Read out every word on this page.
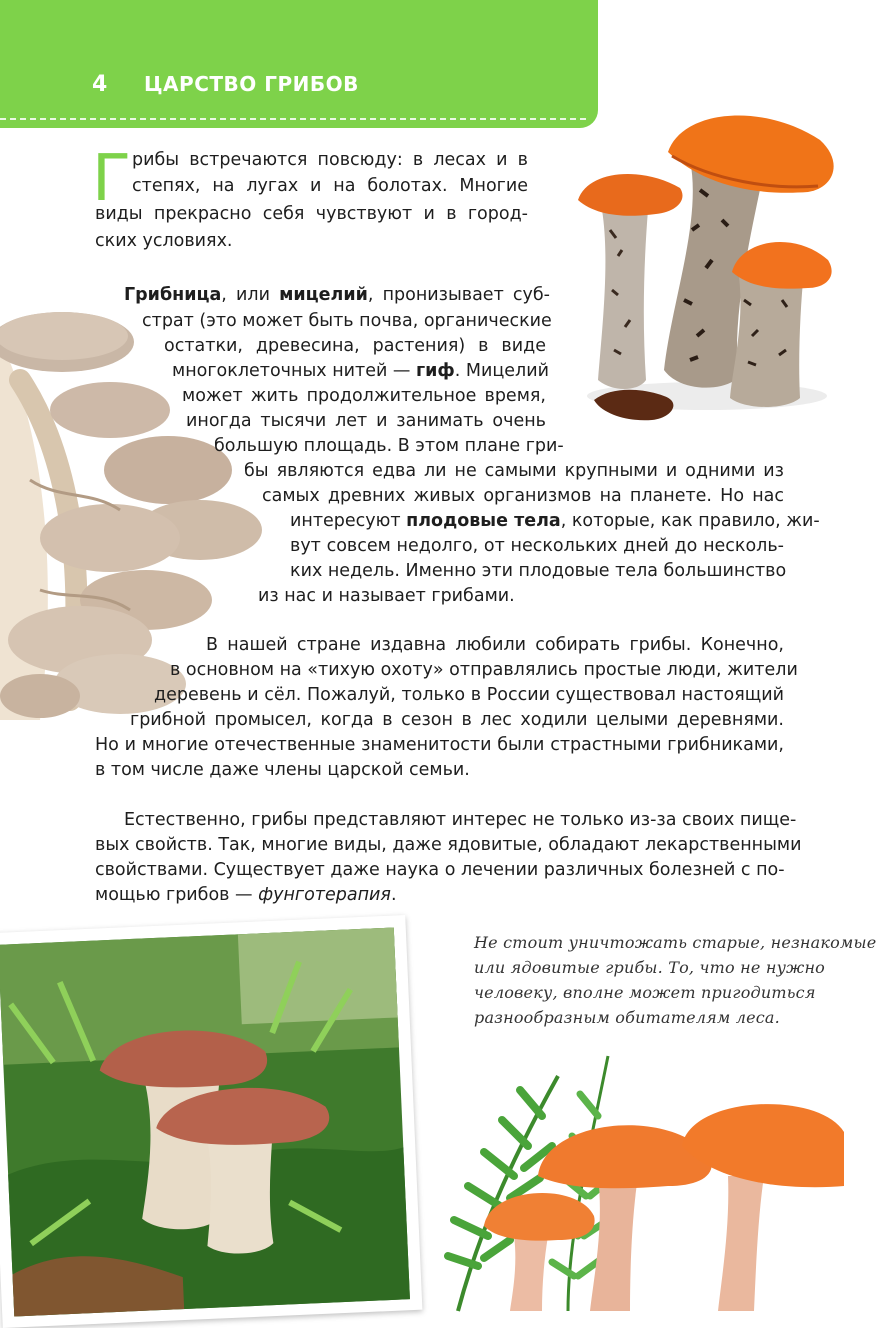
4 ЦАРСТВО ГРИБОВ
Г рибы встречаются повсюду: в лесах и в
степях, на лугах и на болотах. Многие
виды прекрасно себя чувствуют и в город-
ских условиях.
Грибница, или мицелий, пронизывает суб-
страт (это может быть почва, органические
остатки, древесина, растения) в виде
многоклеточных нитей — гиф. Мицелий
может жить продолжительное время,
иногда тысячи лет и занимать очень
большую площадь. В этом плане гри-
бы являются едва ли не самыми крупными и одними из
самых древних живых организмов на планете. Но нас
интересуют плодовые тела, которые, как правило, жи-
вут совсем недолго, от нескольких дней до несколь-
ких недель. Именно эти плодовые тела большинство
из нас и называет грибами.
В нашей стране издавна любили собирать грибы. Конечно,
в основном на «тихую охоту» отправлялись простые люди, жители
деревень и сёл. Пожалуй, только в России существовал настоящий
грибной промысел, когда в сезон в лес ходили целыми деревнями.
Но и многие отечественные знаменитости были страстными грибниками,
в том числе даже члены царской семьи.
Естественно, грибы представляют интерес не только из-за своих пище-
вых свойств. Так, многие виды, даже ядовитые, обладают лекарственными
свойствами. Существует даже наука о лечении различных болезней с по-
мощью грибов — фунготерапия.
Не стоит уничтожать старые, незнакомые
или ядовитые грибы. То, что не нужно
человеку, вполне может пригодиться
разнообразным обитателям леса.
